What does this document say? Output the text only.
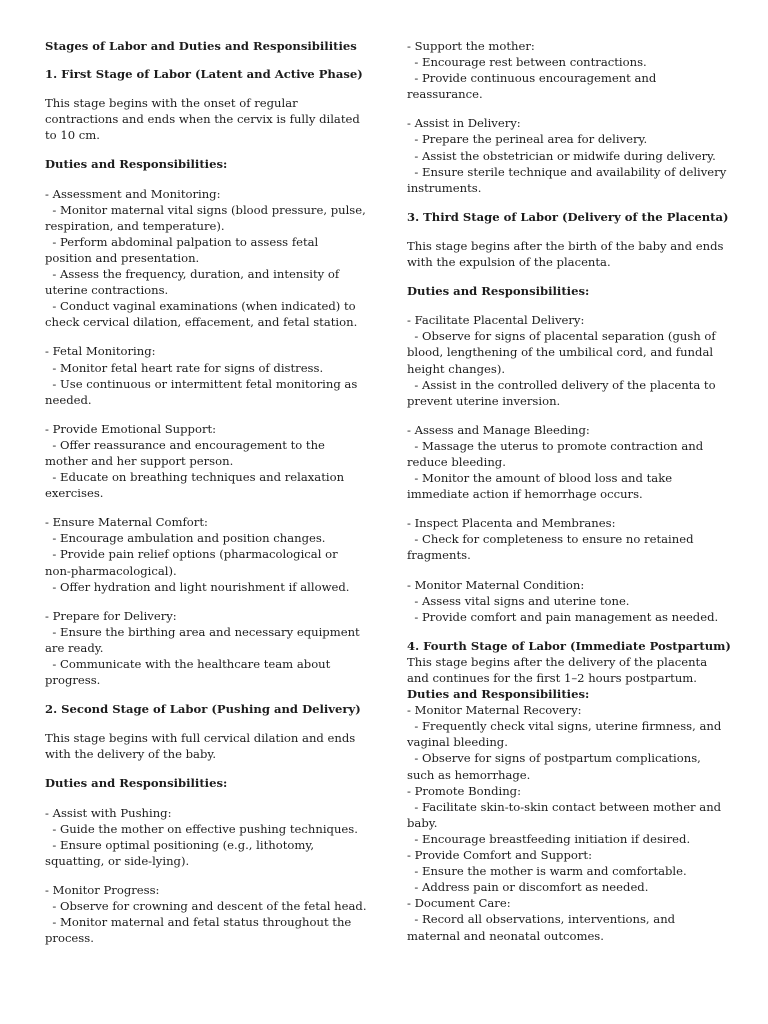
Stages of Labor and Duties and Responsibilities

1. First Stage of Labor (Latent and Active Phase)

This stage begins with the onset of regular contractions and ends when the cervix is fully dilated to 10 cm.

Duties and Responsibilities:

- Assessment and Monitoring:
- Monitor maternal vital signs (blood pressure, pulse, respiration, and temperature).
- Perform abdominal palpation to assess fetal position and presentation.
- Assess the frequency, duration, and intensity of uterine contractions.
- Conduct vaginal examinations (when indicated) to check cervical dilation, effacement, and fetal station.

- Fetal Monitoring:
- Monitor fetal heart rate for signs of distress.
- Use continuous or intermittent fetal monitoring as needed.

- Provide Emotional Support:
- Offer reassurance and encouragement to the mother and her support person.
- Educate on breathing techniques and relaxation exercises.

- Ensure Maternal Comfort:
- Encourage ambulation and position changes.
- Provide pain relief options (pharmacological or non-pharmacological).
- Offer hydration and light nourishment if allowed.

- Prepare for Delivery:
- Ensure the birthing area and necessary equipment are ready.
- Communicate with the healthcare team about progress.

2. Second Stage of Labor (Pushing and Delivery)

This stage begins with full cervical dilation and ends with the delivery of the baby.

Duties and Responsibilities:

- Assist with Pushing:
- Guide the mother on effective pushing techniques.
- Ensure optimal positioning (e.g., lithotomy, squatting, or side-lying).

- Monitor Progress:
- Observe for crowning and descent of the fetal head.
- Monitor maternal and fetal status throughout the process.

- Support the mother:
- Encourage rest between contractions.
- Provide continuous encouragement and reassurance.

- Assist in Delivery:
- Prepare the perineal area for delivery.
- Assist the obstetrician or midwife during delivery.
- Ensure sterile technique and availability of delivery instruments.

3. Third Stage of Labor (Delivery of the Placenta)

This stage begins after the birth of the baby and ends with the expulsion of the placenta.

Duties and Responsibilities:

- Facilitate Placental Delivery:
- Observe for signs of placental separation (gush of blood, lengthening of the umbilical cord, and fundal height changes).
- Assist in the controlled delivery of the placenta to prevent uterine inversion.

- Assess and Manage Bleeding:
- Massage the uterus to promote contraction and reduce bleeding.
- Monitor the amount of blood loss and take immediate action if hemorrhage occurs.

- Inspect Placenta and Membranes:
- Check for completeness to ensure no retained fragments.

- Monitor Maternal Condition:
- Assess vital signs and uterine tone.
- Provide comfort and pain management as needed.

4. Fourth Stage of Labor (Immediate Postpartum)

This stage begins after the delivery of the placenta and continues for the first 1–2 hours postpartum.

Duties and Responsibilities:

- Monitor Maternal Recovery:
- Frequently check vital signs, uterine firmness, and vaginal bleeding.
- Observe for signs of postpartum complications, such as hemorrhage.
- Promote Bonding:
- Facilitate skin-to-skin contact between mother and baby.
- Encourage breastfeeding initiation if desired.
- Provide Comfort and Support:
- Ensure the mother is warm and comfortable.
- Address pain or discomfort as needed.
- Document Care:
- Record all observations, interventions, and maternal and neonatal outcomes.
